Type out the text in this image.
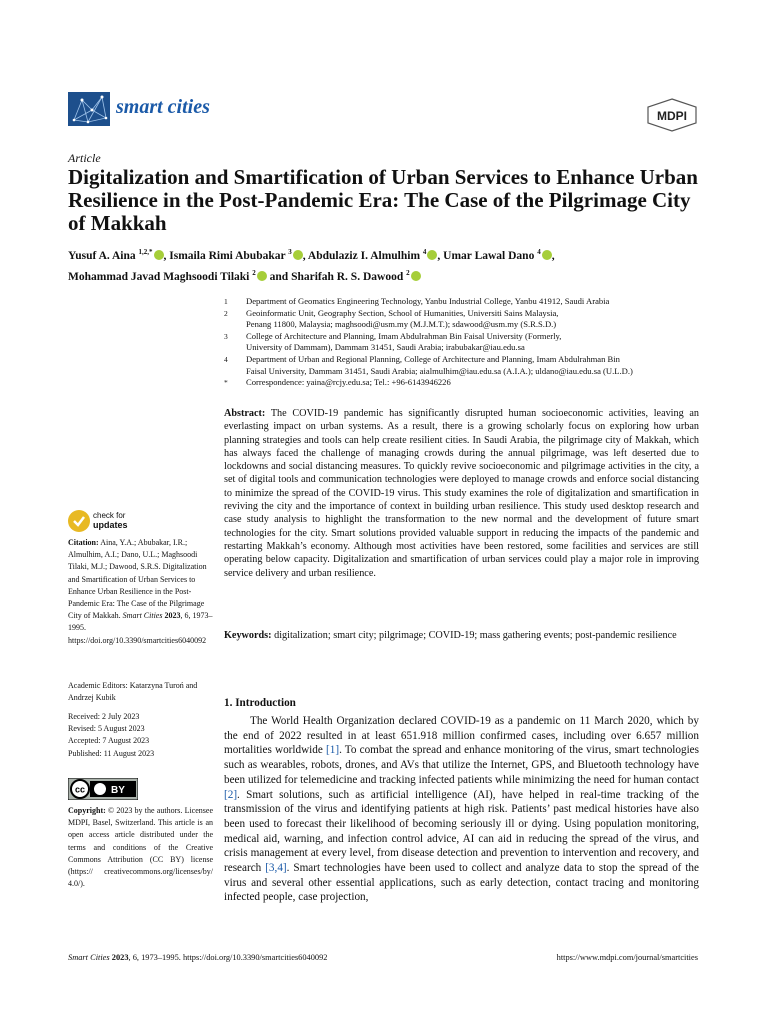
smart cities	MDPI
Article
Digitalization and Smartification of Urban Services to Enhance Urban Resilience in the Post-Pandemic Era: The Case of the Pilgrimage City of Makkah
Yusuf A. Aina $^{1,2,*}$ , Ismaila Rimi Abubakar $^3$ , Abdulaziz I. Almulhim $^4$ , Umar Lawal Dano $^4$ ,
Mohammad Javad Maghsoodi Tilaki $^2$ and Sharifah R. S. Dawood $^2$
1	Department of Geomatics Engineering Technology, Yanbu Industrial College, Yanbu 41912, Saudi Arabia
2	Geoinformatic Unit, Geography Section, School of Humanities, Universiti Sains Malaysia,
Penang 11800, Malaysia; maghsoodi@usm.my (M.J.M.T.); sdawood@usm.my (S.R.S.D.)
3	College of Architecture and Planning, Imam Abdulrahman Bin Faisal University (Formerly,
University of Dammam), Dammam 31451, Saudi Arabia; irabubakar@iau.edu.sa
4	Department of Urban and Regional Planning, College of Architecture and Planning, Imam Abdulrahman Bin
Faisal University, Dammam 31451, Saudi Arabia; aialmulhim@iau.edu.sa (A.I.A.); uldano@iau.edu.sa (U.L.D.)
*	Correspondence: yaina@rcjy.edu.sa; Tel.: +96-6143946226
Abstract: The COVID-19 pandemic has significantly disrupted human socioeconomic activities, leaving an everlasting impact on urban systems. As a result, there is a growing scholarly focus on exploring how urban planning strategies and tools can help create resilient cities. In Saudi Arabia, the pilgrimage city of Makkah, which has always faced the challenge of managing crowds during the annual pilgrimage, was left deserted due to lockdowns and social distancing measures. To quickly revive socioeconomic and pilgrimage activities in the city, a set of digital tools and communication technologies were deployed to manage crowds and enforce social distancing to minimize the spread of the COVID-19 virus. This study examines the role of digitalization and smartification in reviving the city and the importance of context in building urban resilience. This study used desktop research and case study analysis to highlight the transformation to the new normal and the development of future smart technologies for the city. Smart solutions provided valuable support in reducing the impacts of the pandemic and restarting Makkah’s economy. Although most activities have been restored, some facilities and services are still operating below capacity. Digitalization and smartification of urban services could play a major role in improving service delivery and urban resilience.
Keywords: digitalization; smart city; pilgrimage; COVID-19; mass gathering events; post-pandemic resilience
check for
updates
Citation: Aina, Y.A.; Abubakar, I.R.; Almulhim, A.I.; Dano, U.L.; Maghsoodi Tilaki, M.J.; Dawood, S.R.S. Digitalization and Smartification of Urban Services to Enhance Urban Resilience in the Post-Pandemic Era: The Case of the Pilgrimage City of Makkah. Smart Cities 2023, 6, 1973–1995. https://doi.org/10.3390/smartcities6040092
Academic Editors: Katarzyna Turoń and Andrzej Kubik
Received: 2 July 2023
Revised: 5 August 2023
Accepted: 7 August 2023
Published: 11 August 2023
cc	BY
Copyright: © 2023 by the authors. Licensee MDPI, Basel, Switzerland. This article is an open access article distributed under the terms and conditions of the Creative Commons Attribution (CC BY) license (https:// creativecommons.org/licenses/by/ 4.0/).
1. Introduction
The World Health Organization declared COVID-19 as a pandemic on 11 March 2020, which by the end of 2022 resulted in at least 651.918 million confirmed cases, including over 6.657 million mortalities worldwide [1]. To combat the spread and enhance monitoring of the virus, smart technologies such as wearables, robots, drones, and AVs that utilize the Internet, GPS, and Bluetooth technology have been utilized for telemedicine and tracking infected patients while minimizing the need for human contact [2]. Smart solutions, such as artificial intelligence (AI), have helped in real-time tracking of the transmission of the virus and identifying patients at high risk. Patients’ past medical histories have also been used to forecast their likelihood of becoming seriously ill or dying. Using population monitoring, medical aid, warning, and infection control advice, AI can aid in reducing the spread of the virus, and crisis management at every level, from disease detection and prevention to intervention and recovery, and research [3,4]. Smart technologies have been used to collect and analyze data to stop the spread of the virus and several other essential applications, such as early detection, contact tracing and monitoring infected people, case projection,
Smart Cities 2023, 6, 1973–1995. https://doi.org/10.3390/smartcities6040092	https://www.mdpi.com/journal/smartcities
